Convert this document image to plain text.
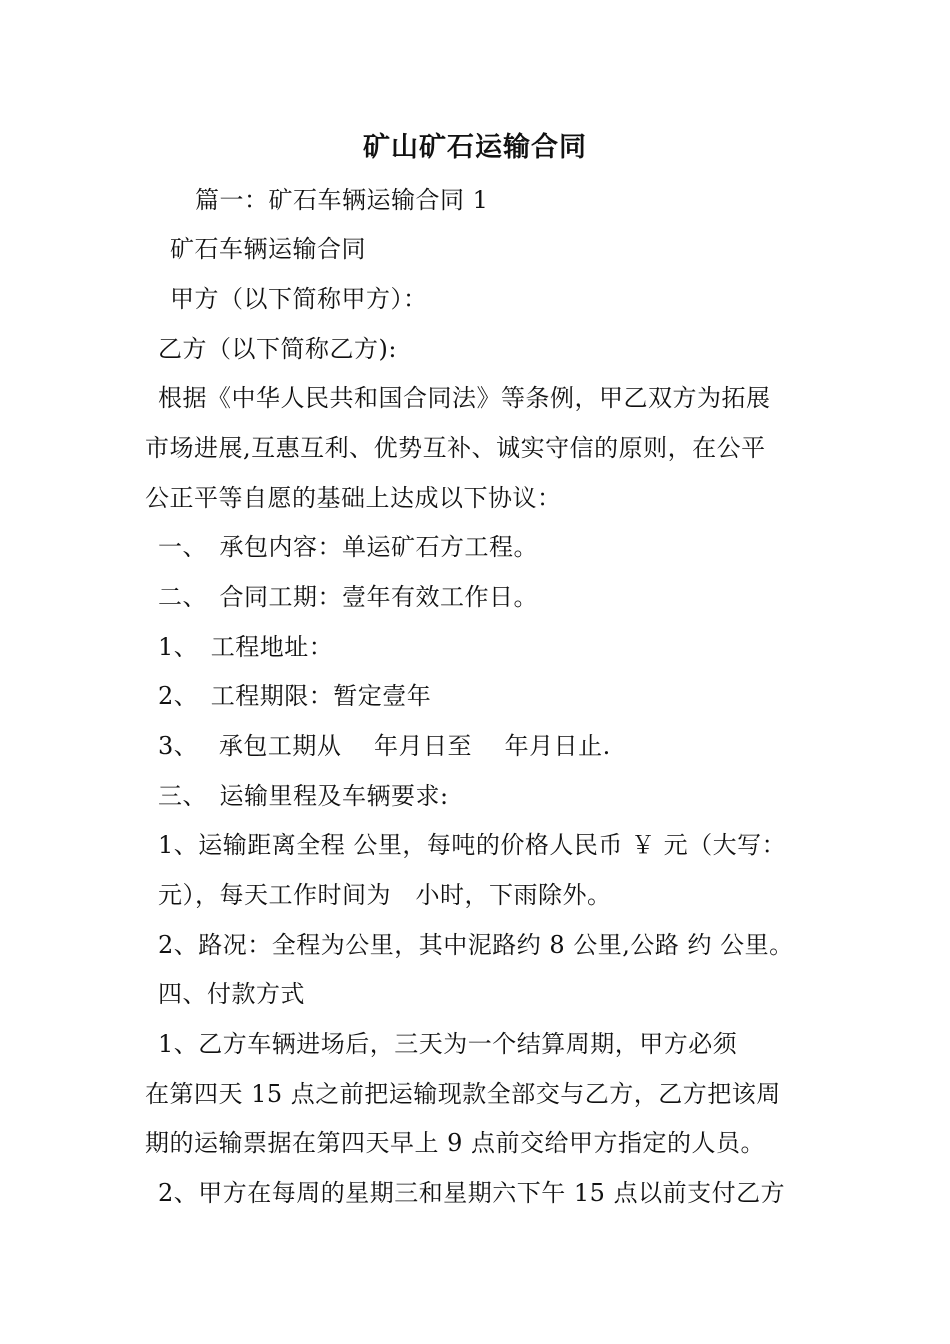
矿山矿石运输合同
篇一：矿石车辆运输合同 1
矿石车辆运输合同
甲方（以下简称甲方）：
乙方（以下简称乙方):
根据《中华人民共和国合同法》等条例，甲乙双方为拓展
市场进展,互惠互利、优势互补、诚实守信的原则，在公平
公正平等自愿的基础上达成以下协议：
一、　承包内容：单运矿石方工程。
二、　合同工期：壹年有效工作日。
1、　工程地址：
2、　工程期限：暂定壹年
3、　 承包工期从　 年月日至　 年月日止.
三、　运输里程及车辆要求:
1、运输距离全程 公里，每吨的价格人民币 ￥ 元（大写：
元），每天工作时间为　小时，下雨除外。
2、路况：全程为公里，其中泥路约 8 公里,公路 约 公里。
四、付款方式
1、乙方车辆进场后，三天为一个结算周期，甲方必须
在第四天 15 点之前把运输现款全部交与乙方，乙方把该周
期的运输票据在第四天早上 9 点前交给甲方指定的人员。
2、甲方在每周的星期三和星期六下午 15 点以前支付乙方
